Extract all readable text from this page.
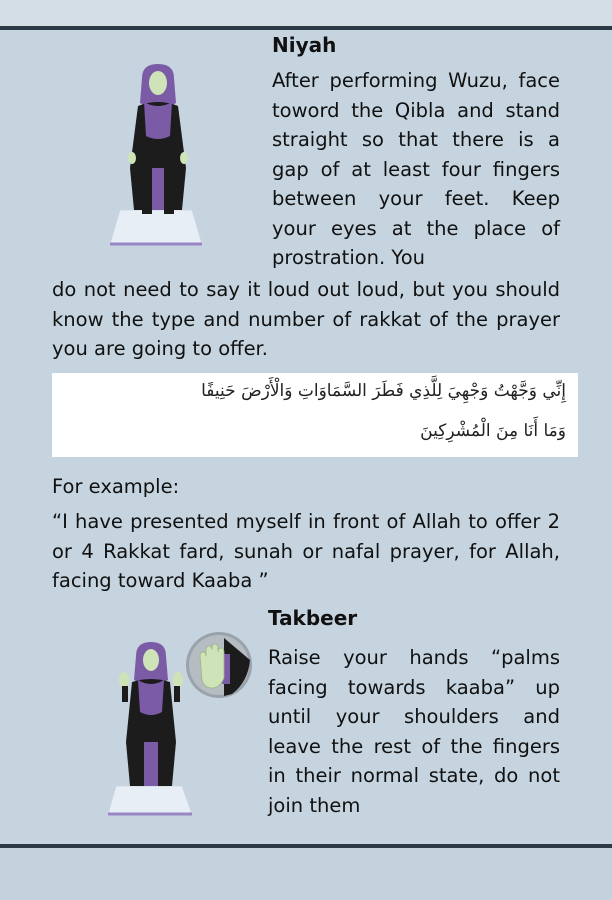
Niyah
After performing Wuzu, face toword the Qibla and stand straight so that there is a gap of at least four fingers between your feet. Keep your eyes at the place of prostration. You
do not need to say it loud out loud, but you should know the type and number of rakkat of the prayer you are going to offer.
إِنِّي وَجَّهْتُ وَجْهِيَ لِلَّذِي فَطَرَ السَّمَاوَاتِ وَالْأَرْضَ حَنِيفًا
وَمَا أَنَا مِنَ الْمُشْرِكِينَ
For example:
“I have presented myself in front of Allah to offer 2 or 4 Rakkat fard, sunah or nafal prayer, for Allah, facing toward Kaaba ”
Takbeer
Raise your hands “palms facing towards kaaba” up until your shoulders and leave the rest of the fingers in their normal state, do not join them
